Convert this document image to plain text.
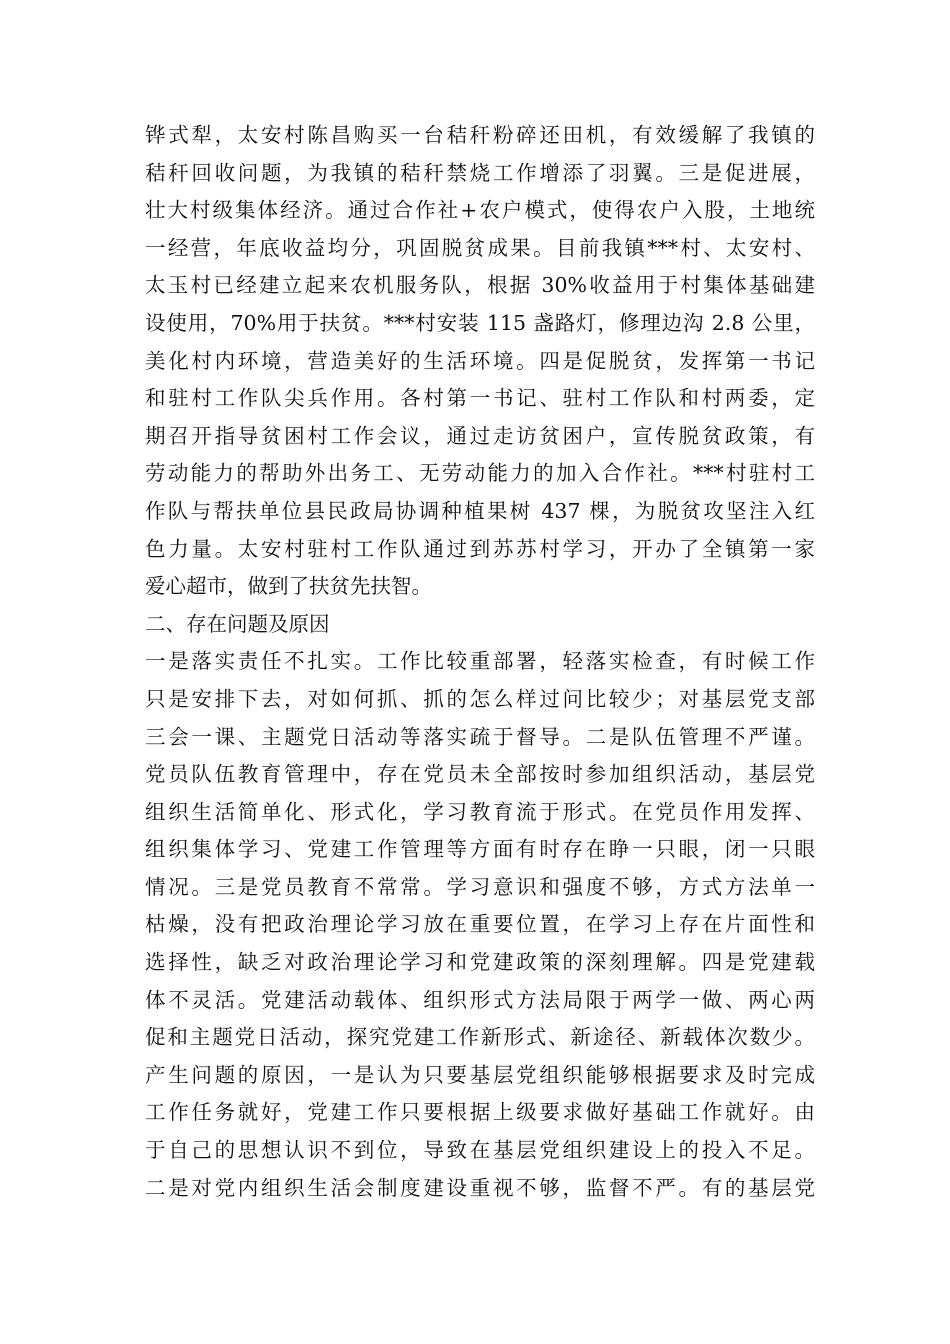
铧式犁，太安村陈昌购买一台秸秆粉碎还田机，有效缓解了我镇的
秸秆回收问题，为我镇的秸秆禁烧工作增添了羽翼。三是促进展，
壮大村级集体经济。通过合作社+农户模式，使得农户入股，土地统
一经营，年底收益均分，巩固脱贫成果。目前我镇***村、太安村、
太玉村已经建立起来农机服务队，根据 30%收益用于村集体基础建
设使用，70%用于扶贫。***村安装 115 盏路灯，修理边沟 2.8 公里，
美化村内环境，营造美好的生活环境。四是促脱贫，发挥第一书记
和驻村工作队尖兵作用。各村第一书记、驻村工作队和村两委，定
期召开指导贫困村工作会议，通过走访贫困户，宣传脱贫政策，有
劳动能力的帮助外出务工、无劳动能力的加入合作社。***村驻村工
作队与帮扶单位县民政局协调种植果树 437 棵，为脱贫攻坚注入红
色力量。太安村驻村工作队通过到苏苏村学习，开办了全镇第一家
爱心超市，做到了扶贫先扶智。
二、存在问题及原因
一是落实责任不扎实。工作比较重部署，轻落实检查，有时候工作
只是安排下去，对如何抓、抓的怎么样过问比较少；对基层党支部
三会一课、主题党日活动等落实疏于督导。二是队伍管理不严谨。
党员队伍教育管理中，存在党员未全部按时参加组织活动，基层党
组织生活简单化、形式化，学习教育流于形式。在党员作用发挥、
组织集体学习、党建工作管理等方面有时存在睁一只眼，闭一只眼
情况。三是党员教育不常常。学习意识和强度不够，方式方法单一
枯燥，没有把政治理论学习放在重要位置，在学习上存在片面性和
选择性，缺乏对政治理论学习和党建政策的深刻理解。四是党建载
体不灵活。党建活动载体、组织形式方法局限于两学一做、两心两
促和主题党日活动，探究党建工作新形式、新途径、新载体次数少。
产生问题的原因，一是认为只要基层党组织能够根据要求及时完成
工作任务就好，党建工作只要根据上级要求做好基础工作就好。由
于自己的思想认识不到位，导致在基层党组织建设上的投入不足。
二是对党内组织生活会制度建设重视不够，监督不严。有的基层党
